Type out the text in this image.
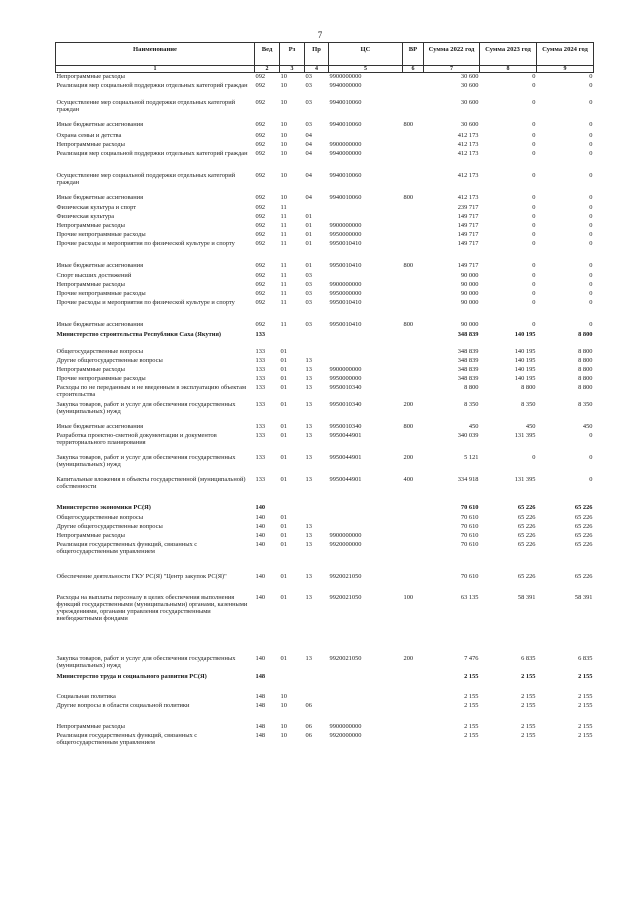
7
Наименование	Вед	Рз	Пр	ЦС	ВР	Сумма 2022 год	Сумма 2023 год	Сумма 2024 год
1	2	3	4	5	6	7	8	9
Непрограммные расходы	092	10	03	9900000000		30 600	0	0
Реализация мер социальной поддержки отдельных категорий граждан	092	10	03	9940000000		30 600	0	0
Осуществление мер социальной поддержки отдельных категорий граждан	092	10	03	9940010060		30 600	0	0
Иные бюджетные ассигнования	092	10	03	9940010060	800	30 600	0	0
Охрана семьи и детства	092	10	04			412 173	0	0
Непрограммные расходы	092	10	04	9900000000		412 173	0	0
Реализация мер социальной поддержки отдельных категорий граждан	092	10	04	9940000000		412 173	0	0
Осуществление мер социальной поддержки отдельных категорий граждан	092	10	04	9940010060		412 173	0	0
Иные бюджетные ассигнования	092	10	04	9940010060	800	412 173	0	0
Физическая культура и спорт	092	11				239 717	0	0
Физическая культура	092	11	01			149 717	0	0
Непрограммные расходы	092	11	01	9900000000		149 717	0	0
Прочие непрограммные расходы	092	11	01	9950000000		149 717	0	0
Прочие расходы и мероприятия по физической культуре и спорту	092	11	01	9950010410		149 717	0	0
Иные бюджетные ассигнования	092	11	01	9950010410	800	149 717	0	0
Спорт высших достижений	092	11	03			90 000	0	0
Непрограммные расходы	092	11	03	9900000000		90 000	0	0
Прочие непрограммные расходы	092	11	03	9950000000		90 000	0	0
Прочие расходы и мероприятия по физической культуре и спорту	092	11	03	9950010410		90 000	0	0
Иные бюджетные ассигнования	092	11	03	9950010410	800	90 000	0	0
Министерство строительства Республики Саха (Якутия)	133					348 839	140 195	8 800
Общегосударственные вопросы	133	01				348 839	140 195	8 800
Другие общегосударственные вопросы	133	01	13			348 839	140 195	8 800
Непрограммные расходы	133	01	13	9900000000		348 839	140 195	8 800
Прочие непрограммные расходы	133	01	13	9950000000		348 839	140 195	8 800
Расходы по не переданным и не введенным в эксплуатацию объектам строительства	133	01	13	9950010340		8 800	8 800	8 800
Закупка товаров, работ и услуг для обеспечения государственных (муниципальных) нужд	133	01	13	9950010340	200	8 350	8 350	8 350
Иные бюджетные ассигнования	133	01	13	9950010340	800	450	450	450
Разработка проектно-сметной документации и документов территориального планирования	133	01	13	9950044901		340 039	131 395	0
Закупка товаров, работ и услуг для обеспечения государственных (муниципальных) нужд	133	01	13	9950044901	200	5 121	0	0
Капитальные вложения в объекты государственной (муниципальной) собственности	133	01	13	9950044901	400	334 918	131 395	0
Министерство экономики РС(Я)	140					70 610	65 226	65 226
Общегосударственные вопросы	140	01				70 610	65 226	65 226
Другие общегосударственные вопросы	140	01	13			70 610	65 226	65 226
Непрограммные расходы	140	01	13	9900000000		70 610	65 226	65 226
Реализация государственных функций, связанных с общегосударственным управлением	140	01	13	9920000000		70 610	65 226	65 226
Обеспечение деятельности ГКУ РС(Я) "Центр закупок РС(Я)"	140	01	13	9920021050		70 610	65 226	65 226
Расходы на выплаты персоналу в целях обеспечения выполнения функций государственными (муниципальными) органами, казенными учреждениями, органами управления государственными внебюджетными фондами	140	01	13	9920021050	100	63 135	58 391	58 391
Закупка товаров, работ и услуг для обеспечения государственных (муниципальных) нужд	140	01	13	9920021050	200	7 476	6 835	6 835
Министерство труда и социального развития РС(Я)	148					2 155	2 155	2 155
Социальная политика	148	10				2 155	2 155	2 155
Другие вопросы в области социальной политики	148	10	06			2 155	2 155	2 155
Непрограммные расходы	148	10	06	9900000000		2 155	2 155	2 155
Реализация государственных функций, связанных с общегосударственным управлением	148	10	06	9920000000		2 155	2 155	2 155
